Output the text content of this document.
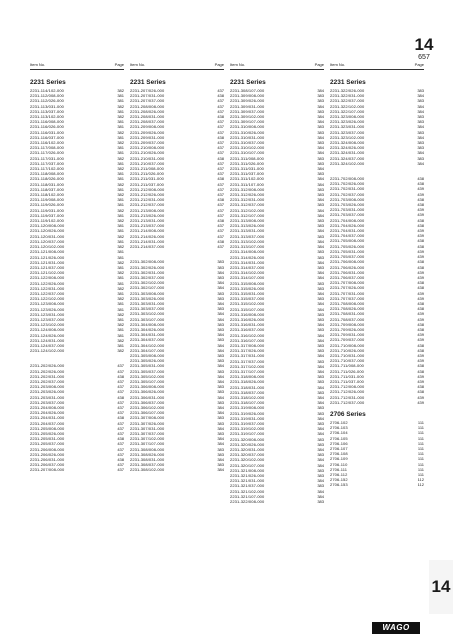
14
657
Item No.	Page
2231 Series
2231-114/102-000	382
2231-112/008-000	381
2231-112/026-000	381
2231-113/031-000	382
2231-113/037-000	381
2231-113/102-000	382
2231-116/008-000	381
2231-116/026-000	381
2231-116/031-000	382
2231-116/037-000	381
2231-116/102-000	382
2231-117/008-000	381
2231-117/026-000	381
2231-117/031-000	382
2231-117/037-000	381
2231-117/102-000	382
2231-118/008-000	381
2231-118/026-000	381
2231-118/031-000	382
2231-118/037-000	381
2231-118/102-000	382
2231-119/008-000	381
2231-119/026-000	381
2231-119/031-000	382
2231-119/037-000	381
2231-119/102-000	382
2231-120/008-000	381
2231-120/026-000	381
2231-120/031-000	382
2231-120/037-000	381
2231-120/102-000	382
2231-121/008-000	381
2231-121/026-000	381
2231-121/031-000	382
2231-121/037-000	381
2231-121/102-000	382
2231-122/008-000	381
2231-122/026-000	381
2231-122/031-000	382
2231-122/037-000	381
2231-122/102-000	382
2231-123/008-000	381
2231-123/026-000	381
2231-123/031-000	382
2231-123/037-000	381
2231-123/102-000	382
2231-124/008-000	381
2231-124/026-000	381
2231-124/031-000	382
2231-124/037-000	381
2231-124/102-000	382
2231-202/026-000	437
2231-202/026-000	437
2231-202/031-000	438
2231-202/037-000	437
2231-203/008-000	437
2231-203/026-000	437
2231-203/031-000	438
2231-203/037-000	437
2231-204/008-000	437
2231-204/026-000	437
2231-204/031-000	438
2231-204/037-000	437
2231-205/008-000	437
2231-205/026-000	437
2231-205/031-000	438
2231-205/037-000	437
2231-206/008-000	437
2231-206/026-000	437
2231-206/031-000	438
2231-206/037-000	437
2231-207/008-000	437
Item No.	Page
2231 Series
2231-207/026-000	437
2231-207/031-000	438
2231-207/037-000	437
2231-208/008-000	437
2231-208/026-000	437
2231-208/031-000	438
2231-208/037-000	437
2231-209/008-000	437
2231-209/026-000	437
2231-209/031-000	438
2231-209/037-000	437
2231-210/008-000	437
2231-210/026-000	437
2231-210/031-000	438
2231-210/037-000	437
2231-211/008-000	437
2231-211/026-000	437
2231-211/031-000	438
2231-211/037-000	437
2231-212/008-000	437
2231-212/026-000	437
2231-212/031-000	438
2231-212/037-000	437
2231-213/008-000	437
2231-213/026-000	437
2231-213/031-000	438
2231-213/037-000	437
2231-214/008-000	437
2231-214/026-000	437
2231-214/031-000	438
2231-214/037-000	437
2231-302/008-000	383
2231-302/026-000	383
2231-302/031-000	384
2231-302/037-000	383
2231-302/102-000	384
2231-302/107-000	384
2231-303/008-000	383
2231-303/026-000	383
2231-303/031-000	384
2231-303/037-000	383
2231-303/102-000	384
2231-303/107-000	384
2231-304/008-000	383
2231-304/026-000	383
2231-304/031-000	384
2231-304/037-000	383
2231-304/102-000	384
2231-304/107-000	384
2231-305/008-000	383
2231-305/026-000	383
2231-305/031-000	384
2231-305/037-000	383
2231-305/102-000	384
2231-305/107-000	384
2231-306/008-000	383
2231-306/026-000	383
2231-306/031-000	384
2231-306/037-000	383
2231-306/102-000	384
2231-306/107-000	384
2231-307/008-000	383
2231-307/026-000	383
2231-307/031-000	384
2231-307/037-000	383
2231-307/102-000	384
2231-307/107-000	384
2231-308/008-000	383
2231-308/026-000	383
2231-308/031-000	384
2231-308/037-000	383
2231-308/102-000	384
Item No.	Page
2231 Series
2231-308/107-000	384
2231-309/008-000	383
2231-309/026-000	383
2231-309/031-000	384
2231-309/037-000	383
2231-309/102-000	384
2231-309/107-000	384
2231-310/008-000	383
2231-310/026-000	383
2231-310/031-000	384
2231-310/037-000	383
2231-310/102-000	384
2231-310/107-000	384
2231-311/008-000	383
2231-311/026-000	383
2231-311/031-000	384
2231-311/037-000	383
2231-311/102-000	384
2231-311/107-000	384
2231-312/008-000	383
2231-312/026-000	383
2231-312/031-000	384
2231-312/037-000	383
2231-312/102-000	384
2231-312/107-000	384
2231-313/008-000	383
2231-313/026-000	383
2231-313/031-000	384
2231-313/037-000	383
2231-313/102-000	384
2231-313/107-000	384
2231-314/008-000	383
2231-314/026-000	383
2231-314/031-000	384
2231-314/037-000	383
2231-314/102-000	384
2231-314/107-000	384
2231-315/008-000	383
2231-315/026-000	383
2231-315/031-000	384
2231-315/037-000	383
2231-315/102-000	384
2231-315/107-000	384
2231-316/008-000	383
2231-316/026-000	383
2231-316/031-000	384
2231-316/037-000	383
2231-316/102-000	384
2231-316/107-000	384
2231-317/008-000	383
2231-317/026-000	383
2231-317/031-000	384
2231-317/037-000	383
2231-317/102-000	384
2231-317/107-000	384
2231-318/008-000	383
2231-318/026-000	383
2231-318/031-000	384
2231-318/037-000	383
2231-318/102-000	384
2231-318/107-000	384
2231-319/008-000	383
2231-319/026-000	383
2231-319/031-000	384
2231-319/037-000	383
2231-319/102-000	384
2231-319/107-000	384
2231-320/008-000	383
2231-320/026-000	383
2231-320/031-000	384
2231-320/037-000	383
2231-320/102-000	384
2231-320/107-000	384
2231-321/008-000	383
2231-321/026-000	383
2231-321/031-000	384
2231-321/037-000	383
2231-321/102-000	384
2231-321/107-000	384
2231-322/008-000	383
Item No.	Page
2231 Series
2231-322/026-000	383
2231-322/031-000	384
2231-322/037-000	383
2231-322/102-000	384
2231-322/107-000	384
2231-323/008-000	383
2231-323/026-000	383
2231-323/031-000	384
2231-323/037-000	383
2231-323/102-000	384
2231-324/008-000	383
2231-324/026-000	383
2231-324/031-000	384
2231-324/037-000	383
2231-324/102-000	384
2231-702/008-000	438
2231-702/026-000	438
2231-702/031-000	439
2231-702/037-000	439
2231-703/008-000	438
2231-703/026-000	438
2231-703/031-000	439
2231-703/037-000	439
2231-704/008-000	438
2231-704/026-000	438
2231-704/031-000	439
2231-704/037-000	439
2231-705/008-000	438
2231-705/026-000	438
2231-705/031-000	439
2231-705/037-000	439
2231-706/008-000	438
2231-706/026-000	438
2231-706/031-000	439
2231-706/037-000	439
2231-707/008-000	438
2231-707/026-000	438
2231-707/031-000	439
2231-707/037-000	439
2231-708/008-000	438
2231-708/026-000	438
2231-708/031-000	439
2231-708/037-000	439
2231-709/008-000	438
2231-709/026-000	438
2231-709/031-000	439
2231-709/037-000	439
2231-710/008-000	438
2231-710/026-000	438
2231-710/031-000	439
2231-710/037-000	439
2231-711/008-000	438
2231-711/026-000	438
2231-711/031-000	439
2231-711/037-000	439
2231-712/008-000	438
2231-712/026-000	438
2231-712/031-000	439
2231-712/037-000	439
2706 Series
2706-102	111
2706-103	111
2706-104	111
2706-105	111
2706-106	111
2706-107	111
2706-108	111
2706-109	111
2706-110	111
2706-111	111
2706-112	111
2706-152	112
2706-153	112
14
WAGO
